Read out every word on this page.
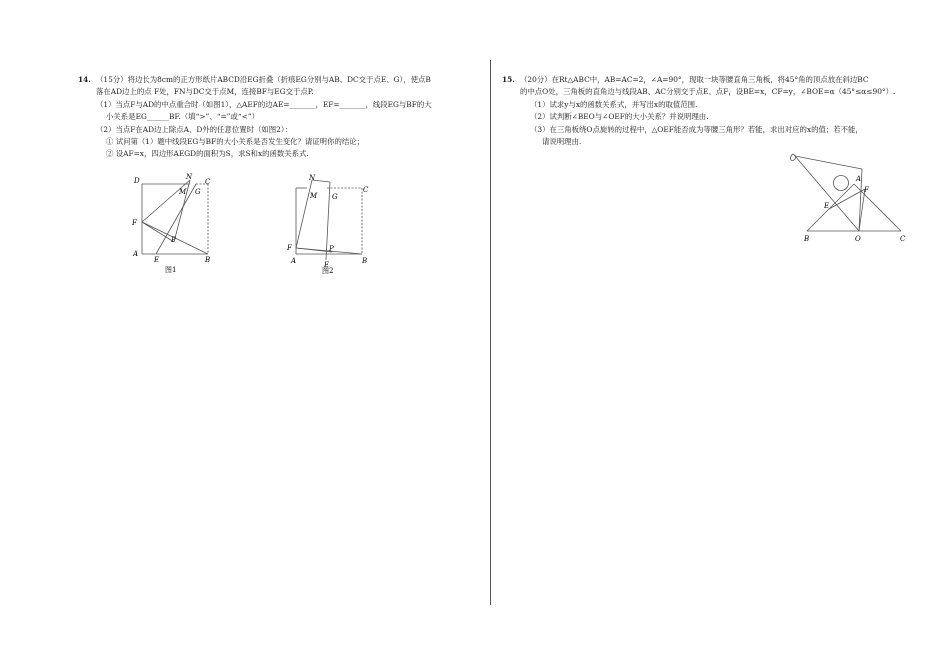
14. （15分）将边长为8cm的正方形纸片ABCD沿EG折叠（折痕EG分别与AB、DC交于点E、G），使点B

落在AD边上的点 F处，FN与DC交于点M，连接BF与EG交于点P.

（1）当点F与AD的中点重合时（如图1），△AEF的边AE=_______，EF=_______，线段EG与BF的大

小关系是EG______BF.（填“>”、“=”或“<”）

（2）当点F在AD边上除点A、D外的任意位置时（如图2）：

① 试问第（1）题中线段EG与BF的大小关系是否发生变化？请证明你的结论；

② 设AF=x，四边形AEGD的面积为S，求S和x的函数关系式.

D	N
C
M G
F
P
A
E	B
图1
N
C
M G
F	P
A	E	B
图2

15. （20分）在Rt△ABC中，AB=AC=2，∠A=90°，现取一块等腰直角三角板，将45°角的顶点放在斜边BC

的中点O处，三角板的直角边与线段AB、AC分别交于点E、点F，设BE=x，CF=y，∠BOE=α（45°≤α≤90°）.

（1）试求y与x的函数关系式，并写出x的取值范围.

（2）试判断∠BEO与∠OEF的大小关系？并说明理由.

（3）在三角板绕O点旋转的过程中，△OEF能否成为等腰三角形？若能，求出对应的x的值；若不能，

请说明理由.

A
F
E
B	O	C
